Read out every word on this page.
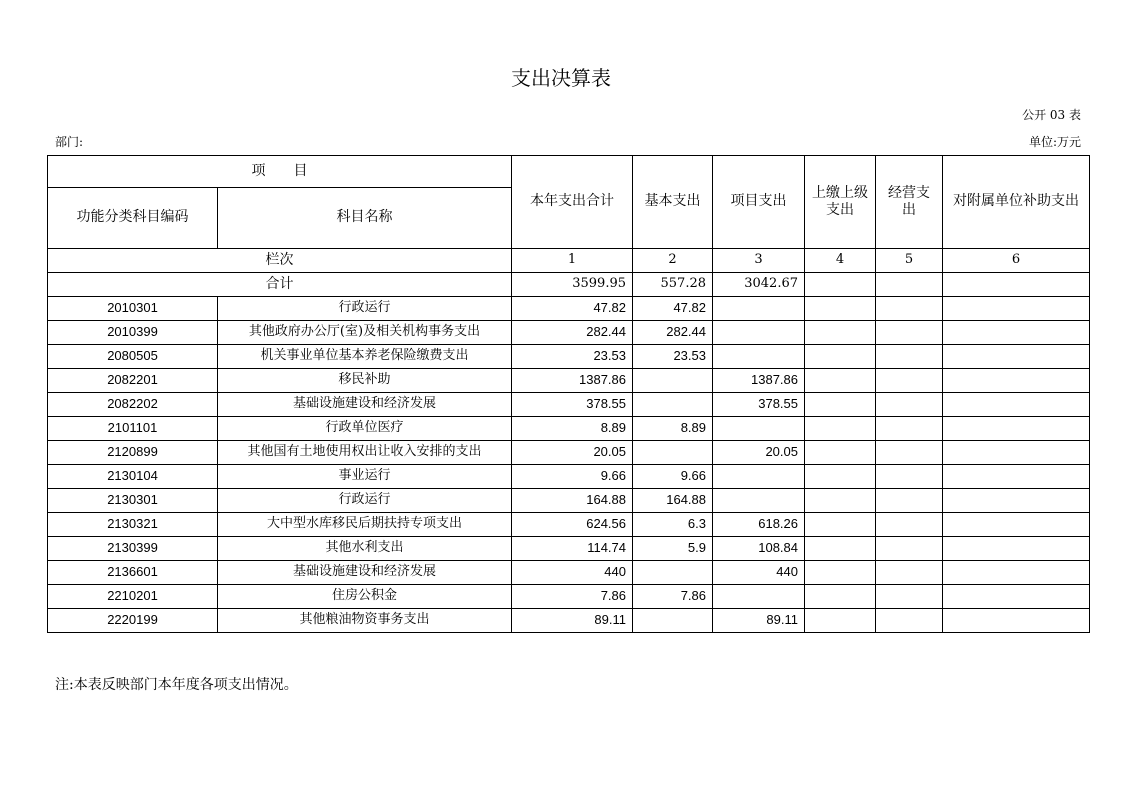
支出决算表
公开 03 表
部门:	单位:万元
项　　目		本年支出合计	基本支出	项目支出	上缴上级支出	经营支出	对附属单位补助支出
功能分类科目编码	科目名称						
栏次		1	2	3	4	5	6
合计		3599.95	557.28	3042.67			
2010301	行政运行	47.82	47.82				
2010399	其他政府办公厅(室)及相关机构事务支出	282.44	282.44				
2080505	机关事业单位基本养老保险缴费支出	23.53	23.53				
2082201	移民补助	1387.86		1387.86			
2082202	基础设施建设和经济发展	378.55		378.55			
2101101	行政单位医疗	8.89	8.89				
2120899	其他国有土地使用权出让收入安排的支出	20.05		20.05			
2130104	事业运行	9.66	9.66				
2130301	行政运行	164.88	164.88				
2130321	大中型水库移民后期扶持专项支出	624.56	6.3	618.26			
2130399	其他水利支出	114.74	5.9	108.84			
2136601	基础设施建设和经济发展	440		440			
2210201	住房公积金	7.86	7.86				
2220199	其他粮油物资事务支出	89.11		89.11			
注:本表反映部门本年度各项支出情况。
